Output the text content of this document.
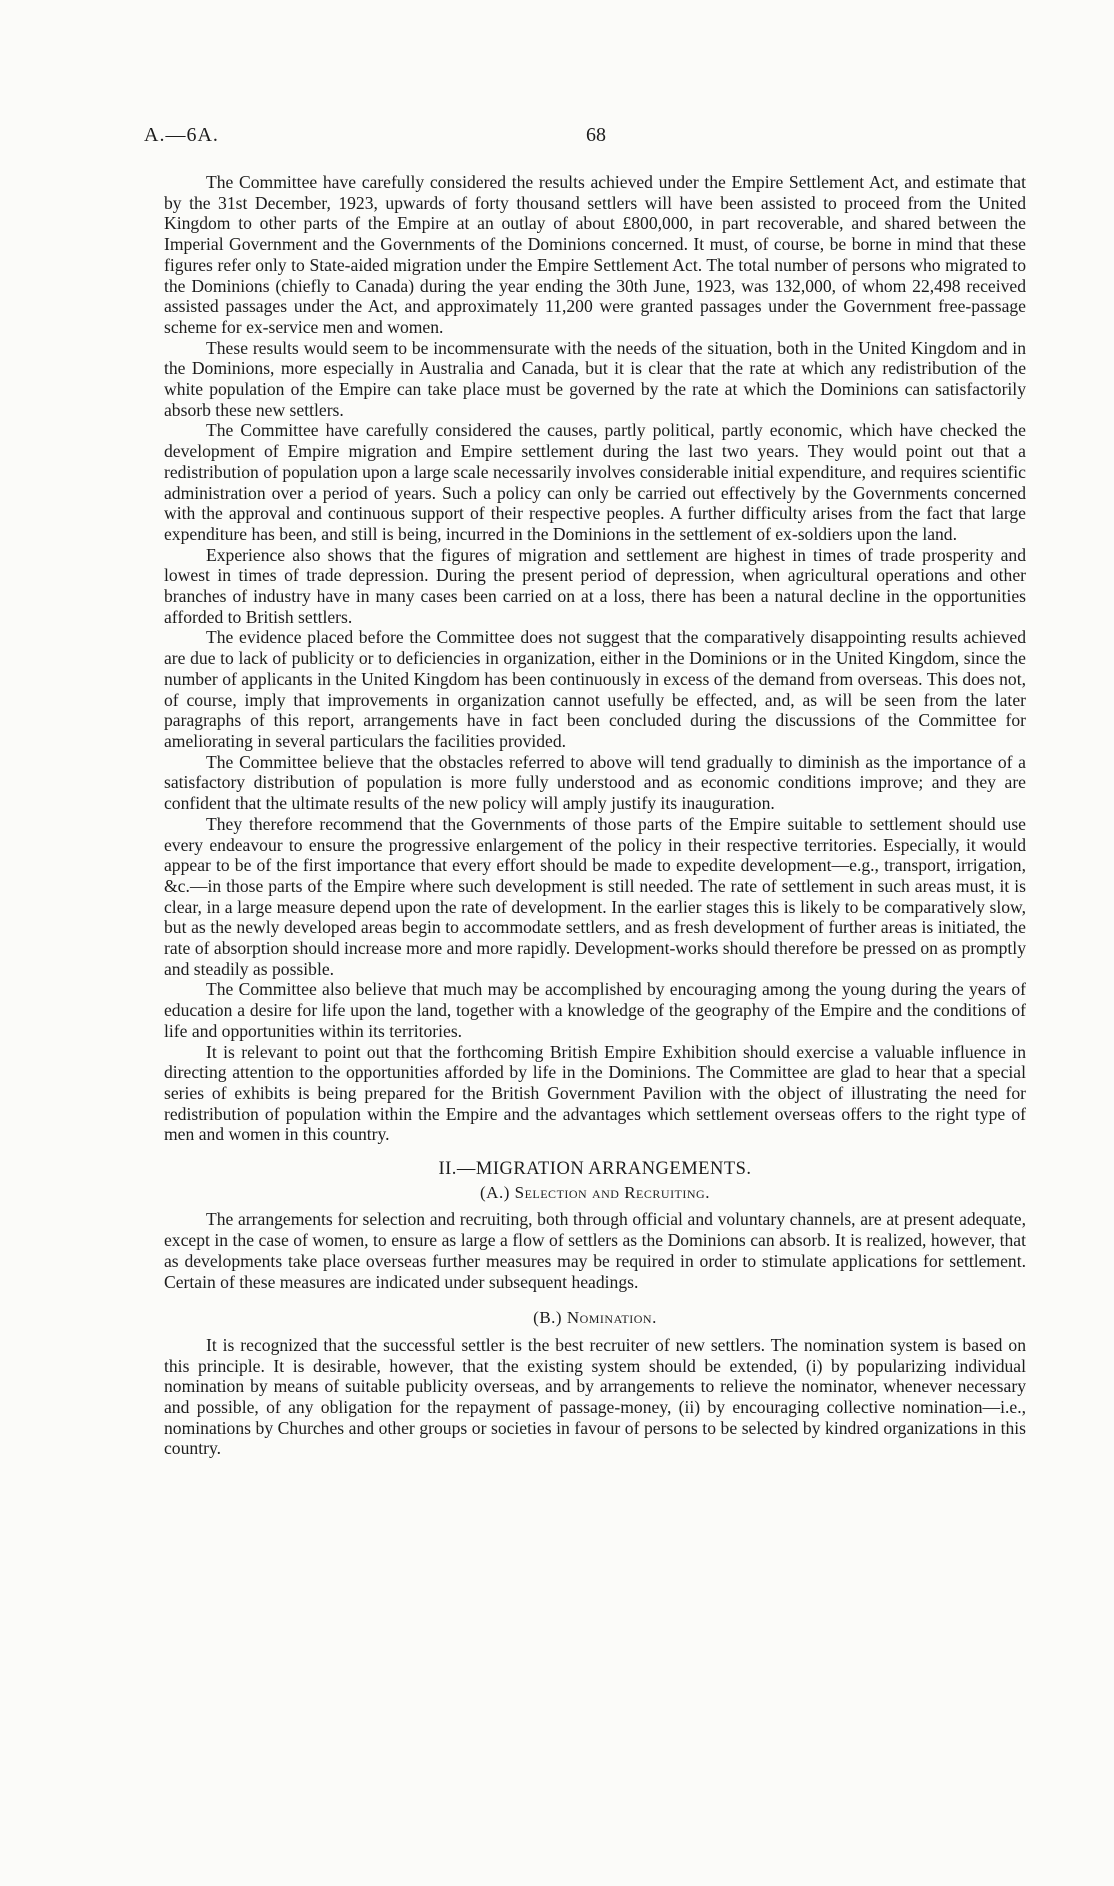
A.—6A.	68

The Committee have carefully considered the results achieved under the Empire Settlement Act, and estimate that by the 31st December, 1923, upwards of forty thousand settlers will have been assisted to proceed from the United Kingdom to other parts of the Empire at an outlay of about £800,000, in part recoverable, and shared between the Imperial Government and the Governments of the Dominions concerned. It must, of course, be borne in mind that these figures refer only to State-aided migration under the Empire Settlement Act. The total number of persons who migrated to the Dominions (chiefly to Canada) during the year ending the 30th June, 1923, was 132,000, of whom 22,498 received assisted passages under the Act, and approximately 11,200 were granted passages under the Government free-passage scheme for ex-service men and women.

These results would seem to be incommensurate with the needs of the situation, both in the United Kingdom and in the Dominions, more especially in Australia and Canada, but it is clear that the rate at which any redistribution of the white population of the Empire can take place must be governed by the rate at which the Dominions can satisfactorily absorb these new settlers.

The Committee have carefully considered the causes, partly political, partly economic, which have checked the development of Empire migration and Empire settlement during the last two years. They would point out that a redistribution of population upon a large scale necessarily involves considerable initial expenditure, and requires scientific administration over a period of years. Such a policy can only be carried out effectively by the Governments concerned with the approval and continuous support of their respective peoples. A further difficulty arises from the fact that large expenditure has been, and still is being, incurred in the Dominions in the settlement of ex-soldiers upon the land.

Experience also shows that the figures of migration and settlement are highest in times of trade prosperity and lowest in times of trade depression. During the present period of depression, when agricultural operations and other branches of industry have in many cases been carried on at a loss, there has been a natural decline in the opportunities afforded to British settlers.

The evidence placed before the Committee does not suggest that the comparatively disappointing results achieved are due to lack of publicity or to deficiencies in organization, either in the Dominions or in the United Kingdom, since the number of applicants in the United Kingdom has been continuously in excess of the demand from overseas. This does not, of course, imply that improvements in organization cannot usefully be effected, and, as will be seen from the later paragraphs of this report, arrangements have in fact been concluded during the discussions of the Committee for ameliorating in several particulars the facilities provided.

The Committee believe that the obstacles referred to above will tend gradually to diminish as the importance of a satisfactory distribution of population is more fully understood and as economic conditions improve; and they are confident that the ultimate results of the new policy will amply justify its inauguration.

They therefore recommend that the Governments of those parts of the Empire suitable to settlement should use every endeavour to ensure the progressive enlargement of the policy in their respective territories. Especially, it would appear to be of the first importance that every effort should be made to expedite development—e.g., transport, irrigation, &c.—in those parts of the Empire where such development is still needed. The rate of settlement in such areas must, it is clear, in a large measure depend upon the rate of development. In the earlier stages this is likely to be comparatively slow, but as the newly developed areas begin to accommodate settlers, and as fresh development of further areas is initiated, the rate of absorption should increase more and more rapidly. Development-works should therefore be pressed on as promptly and steadily as possible.

The Committee also believe that much may be accomplished by encouraging among the young during the years of education a desire for life upon the land, together with a knowledge of the geography of the Empire and the conditions of life and opportunities within its territories.

It is relevant to point out that the forthcoming British Empire Exhibition should exercise a valuable influence in directing attention to the opportunities afforded by life in the Dominions. The Committee are glad to hear that a special series of exhibits is being prepared for the British Government Pavilion with the object of illustrating the need for redistribution of population within the Empire and the advantages which settlement overseas offers to the right type of men and women in this country.

II.—MIGRATION ARRANGEMENTS.
(A.) Selection and Recruiting.

The arrangements for selection and recruiting, both through official and voluntary channels, are at present adequate, except in the case of women, to ensure as large a flow of settlers as the Dominions can absorb. It is realized, however, that as developments take place overseas further measures may be required in order to stimulate applications for settlement. Certain of these measures are indicated under subsequent headings.

(B.) Nomination.

It is recognized that the successful settler is the best recruiter of new settlers. The nomination system is based on this principle. It is desirable, however, that the existing system should be extended, (i) by popularizing individual nomination by means of suitable publicity overseas, and by arrangements to relieve the nominator, whenever necessary and possible, of any obligation for the repayment of passage-money, (ii) by encouraging collective nomination—i.e., nominations by Churches and other groups or societies in favour of persons to be selected by kindred organizations in this country.
